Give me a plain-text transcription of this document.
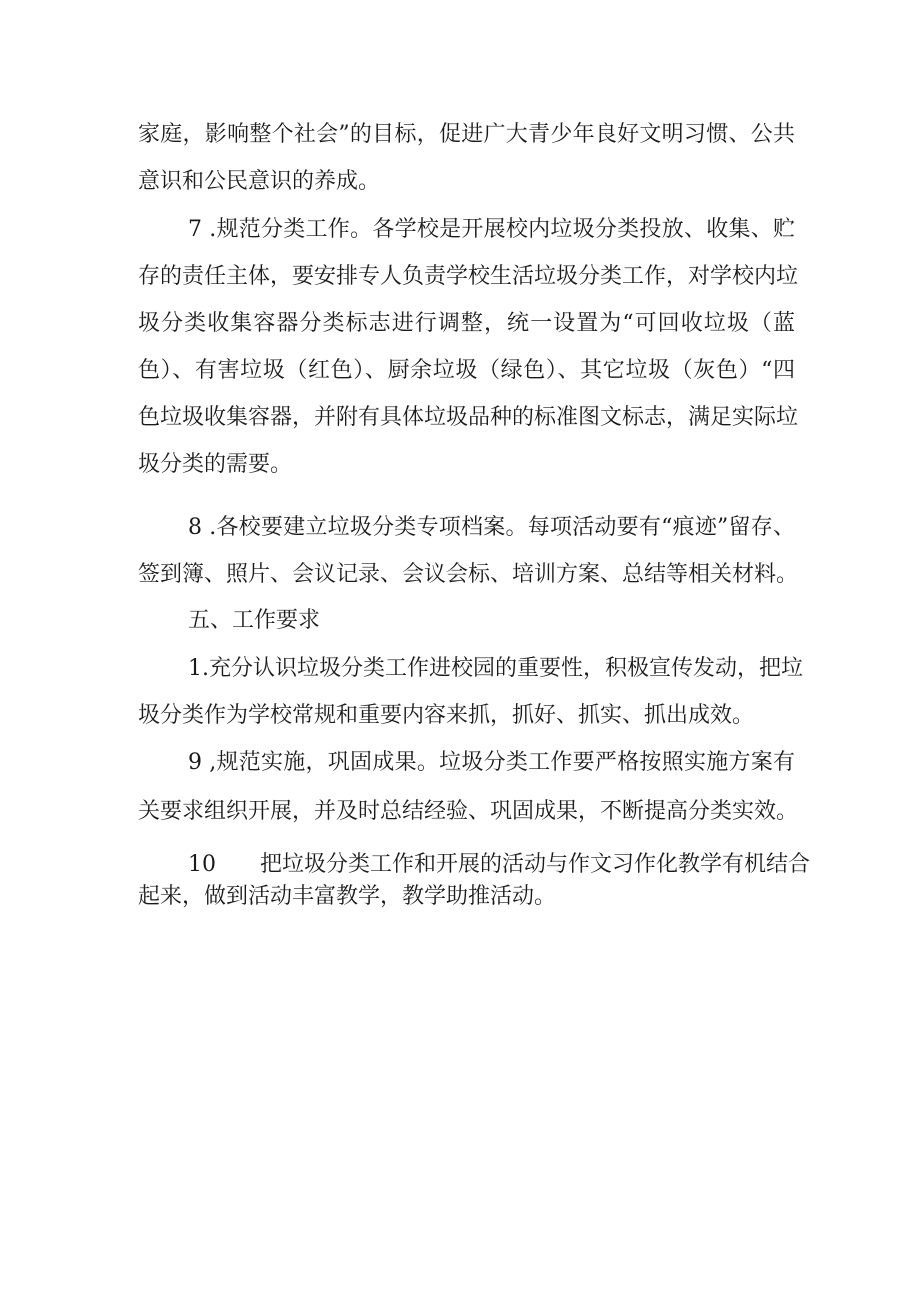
家庭，影响整个社会”的目标，促进广大青少年良好文明习惯、公共
意识和公民意识的养成。
7 .规范分类工作。各学校是开展校内垃圾分类投放、收集、贮
存的责任主体，要安排专人负责学校生活垃圾分类工作，对学校内垃
圾分类收集容器分类标志进行调整，统一设置为“可回收垃圾（蓝
色）、有害垃圾（红色）、厨余垃圾（绿色）、其它垃圾（灰色）“四
色垃圾收集容器，并附有具体垃圾品种的标准图文标志，满足实际垃
圾分类的需要。
8 .各校要建立垃圾分类专项档案。每项活动要有“痕迹”留存、
签到簿、照片、会议记录、会议会标、培训方案、总结等相关材料。
五、工作要求
1.充分认识垃圾分类工作进校园的重要性，积极宣传发动，把垃
圾分类作为学校常规和重要内容来抓，抓好、抓实、抓出成效。
9 ,规范实施，巩固成果。垃圾分类工作要严格按照实施方案有
关要求组织开展，并及时总结经验、巩固成果，不断提高分类实效。
10　　把垃圾分类工作和开展的活动与作文习作化教学有机结合
起来，做到活动丰富教学，教学助推活动。
